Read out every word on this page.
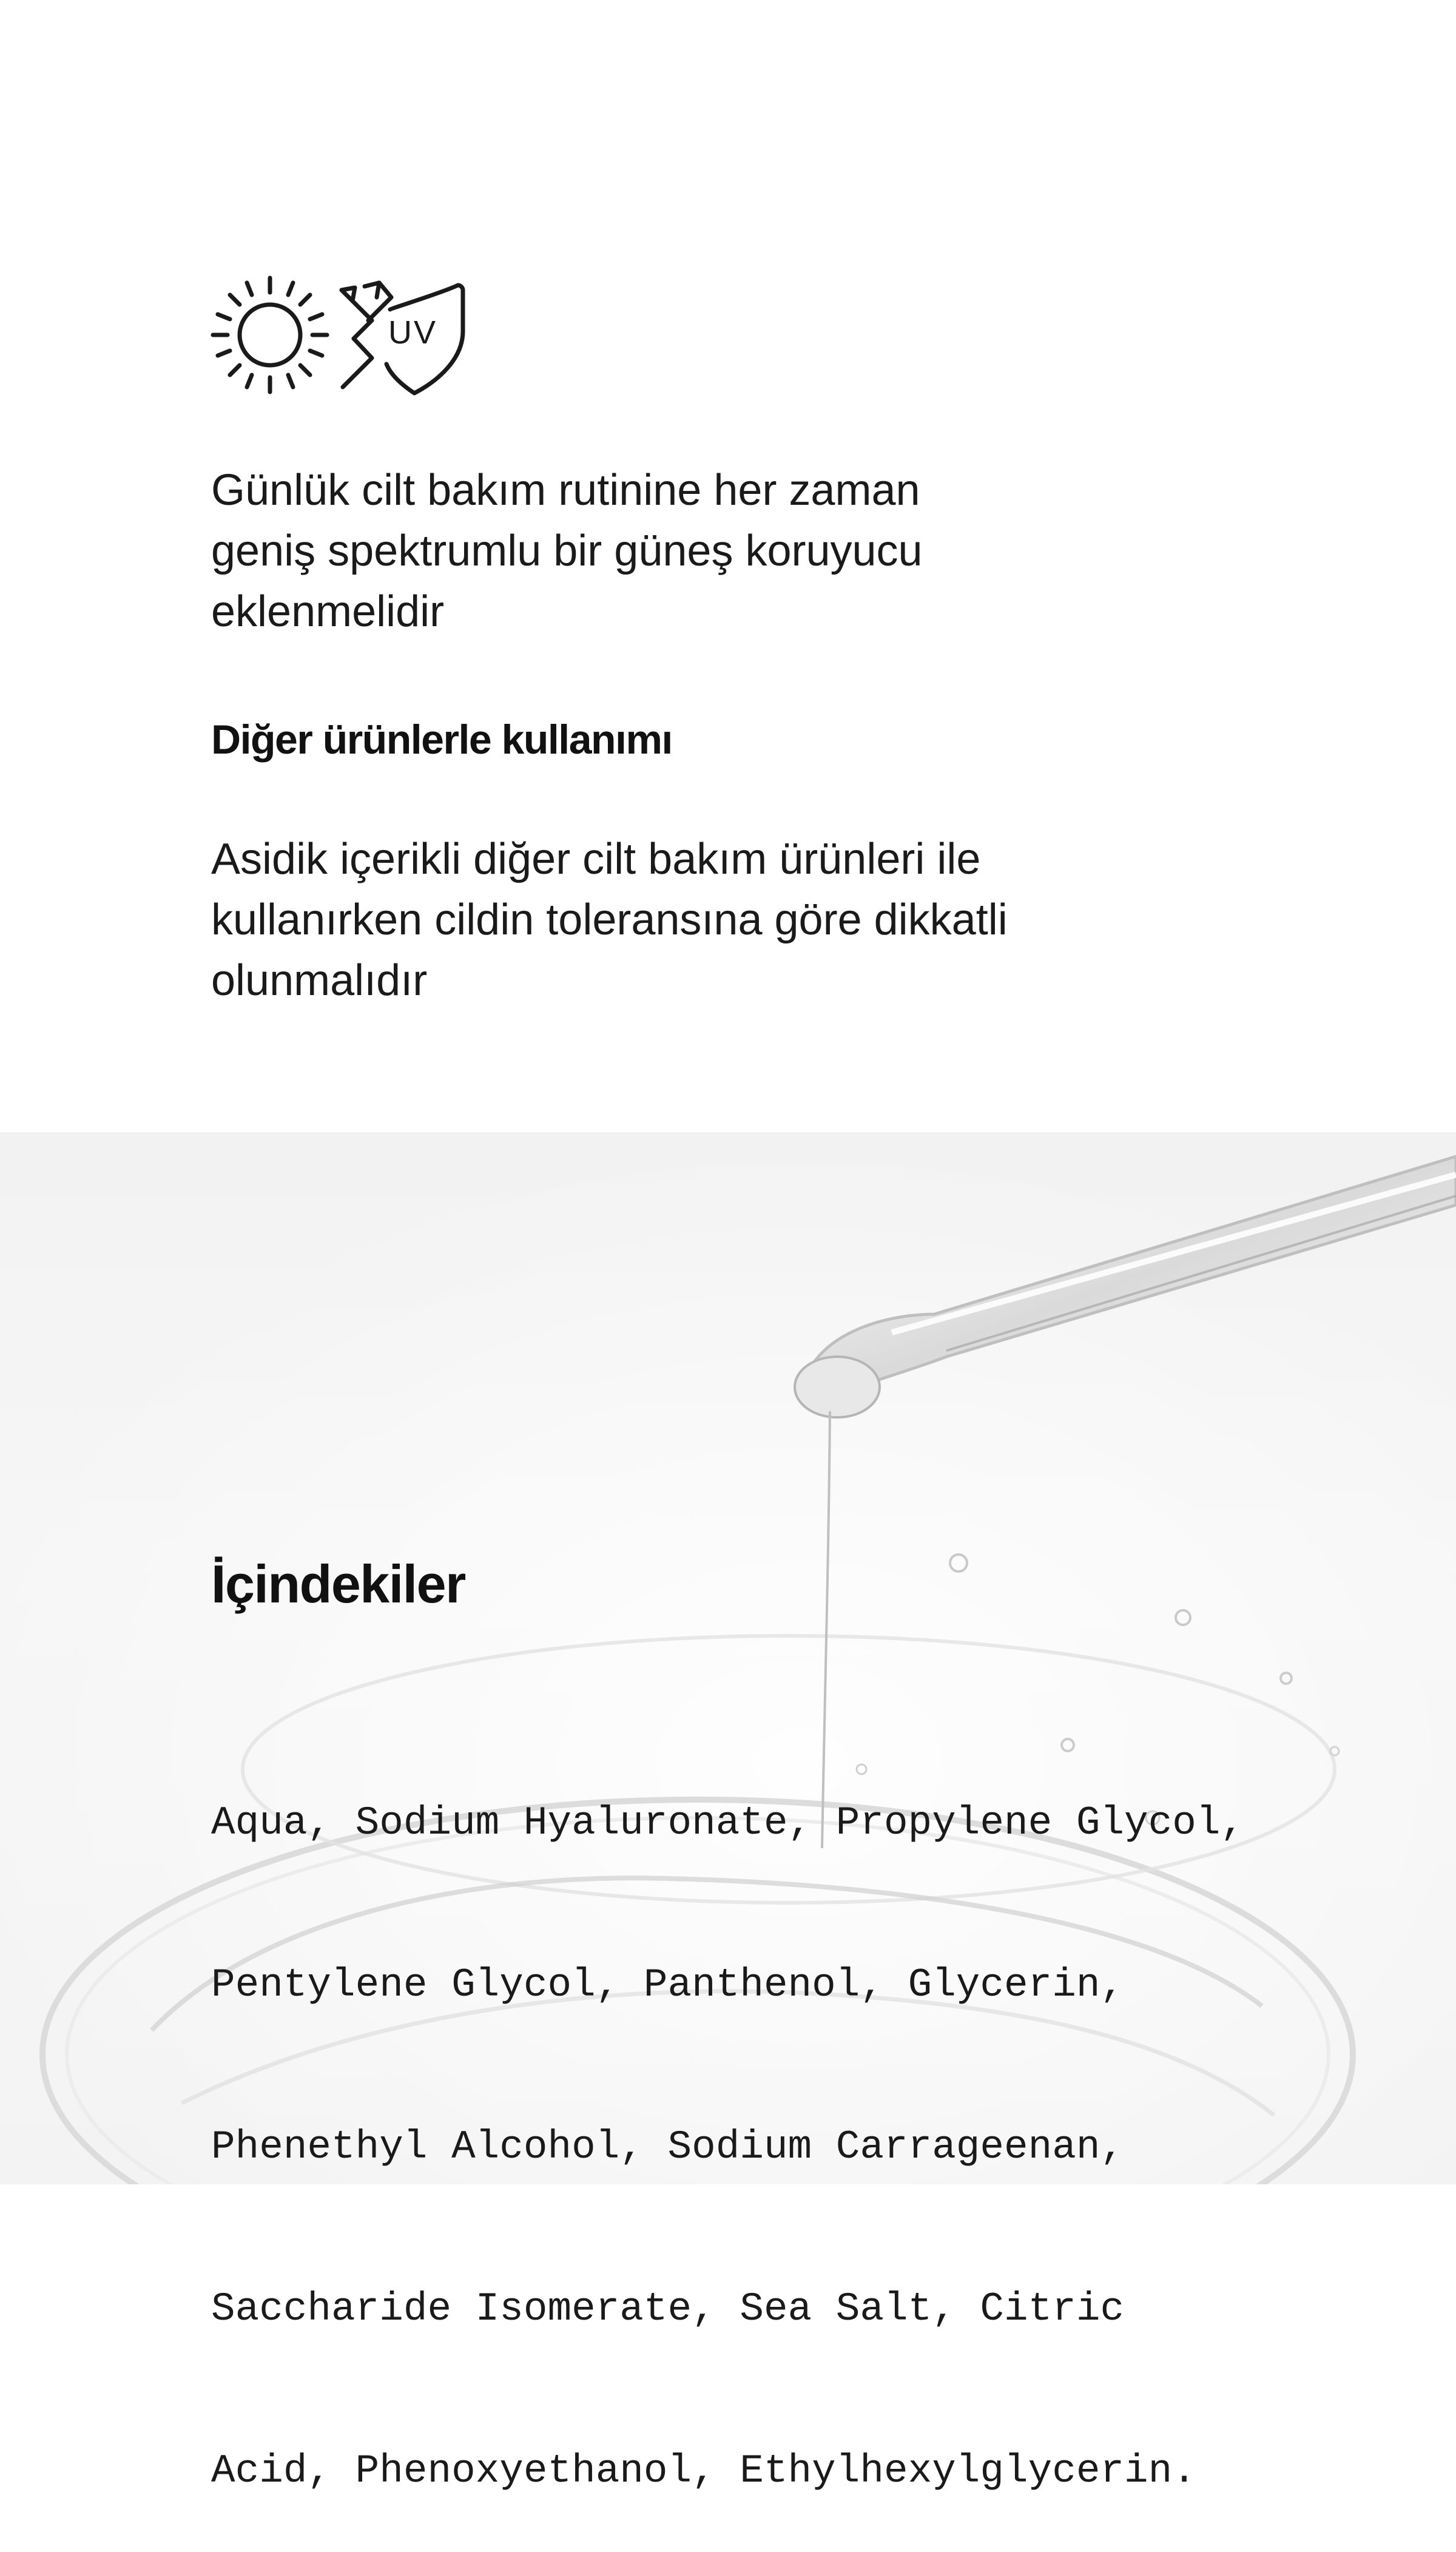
UV
Günlük cilt bakım rutinine her zaman
geniş spektrumlu bir güneş koruyucu
eklenmelidir
Diğer ürünlerle kullanımı
Asidik içerikli diğer cilt bakım ürünleri ile
kullanırken cildin toleransına göre dikkatli
olunmalıdır
İçindekiler

Aqua, Sodium Hyaluronate, Propylene Glycol,

Pentylene Glycol, Panthenol, Glycerin,

Phenethyl Alcohol, Sodium Carrageenan,

Saccharide Isomerate, Sea Salt, Citric

Acid, Phenoxyethanol, Ethylhexylglycerin.
